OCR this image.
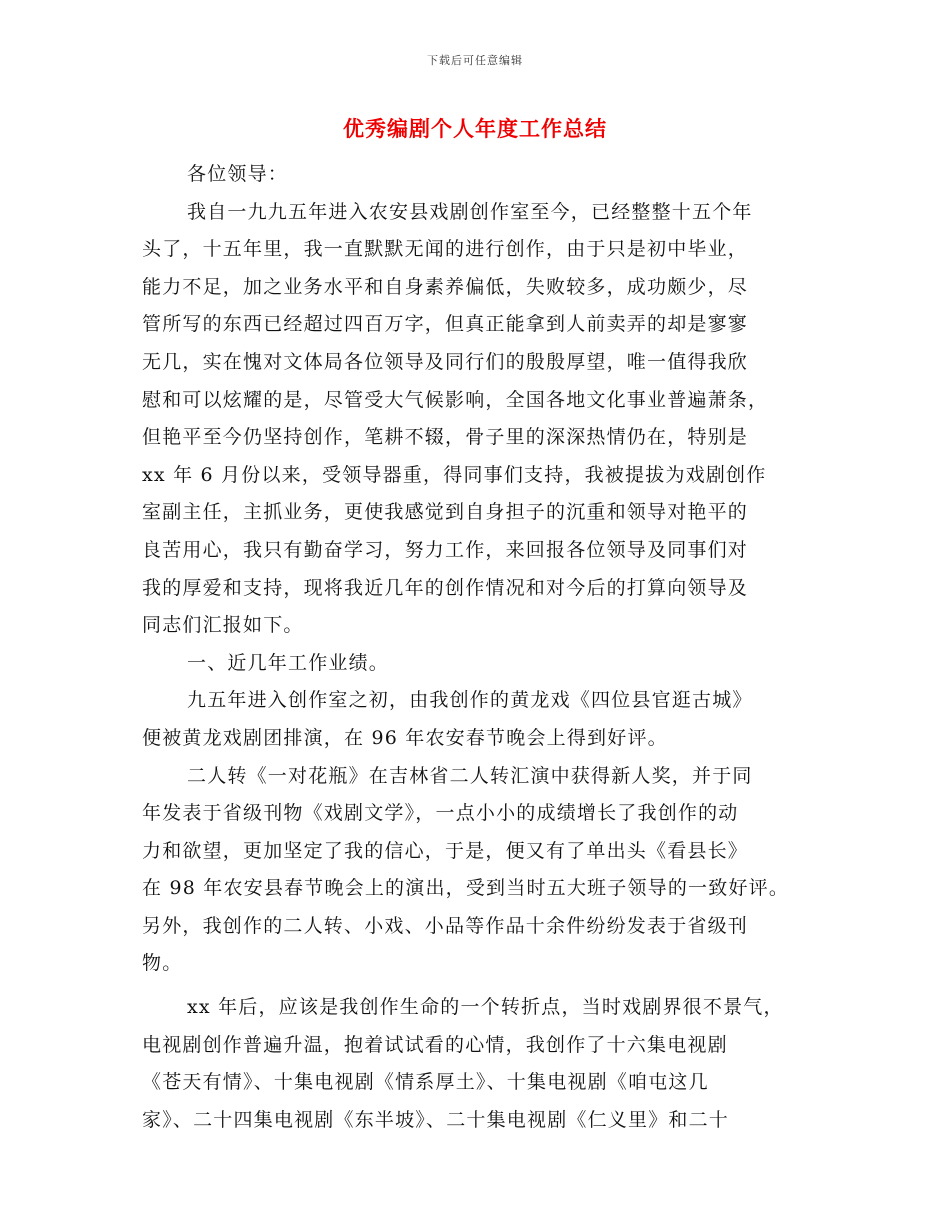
下载后可任意编辑
优秀编剧个人年度工作总结
各位领导：
我自一九九五年进入农安县戏剧创作室至今，已经整整十五个年
头了，十五年里，我一直默默无闻的进行创作，由于只是初中毕业，
能力不足，加之业务水平和自身素养偏低，失败较多，成功颇少，尽
管所写的东西已经超过四百万字，但真正能拿到人前卖弄的却是寥寥
无几，实在愧对文体局各位领导及同行们的殷殷厚望，唯一值得我欣
慰和可以炫耀的是，尽管受大气候影响，全国各地文化事业普遍萧条，
但艳平至今仍坚持创作，笔耕不辍，骨子里的深深热情仍在，特别是
xx 年 6 月份以来，受领导器重，得同事们支持，我被提拔为戏剧创作
室副主任，主抓业务，更使我感觉到自身担子的沉重和领导对艳平的
良苦用心，我只有勤奋学习，努力工作，来回报各位领导及同事们对
我的厚爱和支持，现将我近几年的创作情况和对今后的打算向领导及
同志们汇报如下。
一、近几年工作业绩。
九五年进入创作室之初，由我创作的黄龙戏《四位县官逛古城》
便被黄龙戏剧团排演，在 96 年农安春节晚会上得到好评。
二人转《一对花瓶》在吉林省二人转汇演中获得新人奖，并于同
年发表于省级刊物《戏剧文学》，一点小小的成绩增长了我创作的动
力和欲望，更加坚定了我的信心，于是，便又有了单出头《看县长》
在 98 年农安县春节晚会上的演出，受到当时五大班子领导的一致好评。
另外，我创作的二人转、小戏、小品等作品十余件纷纷发表于省级刊
物。
xx 年后，应该是我创作生命的一个转折点，当时戏剧界很不景气，
电视剧创作普遍升温，抱着试试看的心情，我创作了十六集电视剧
《苍天有情》、十集电视剧《情系厚土》、十集电视剧《咱屯这几
家》、二十四集电视剧《东半坡》、二十集电视剧《仁义里》和二十
